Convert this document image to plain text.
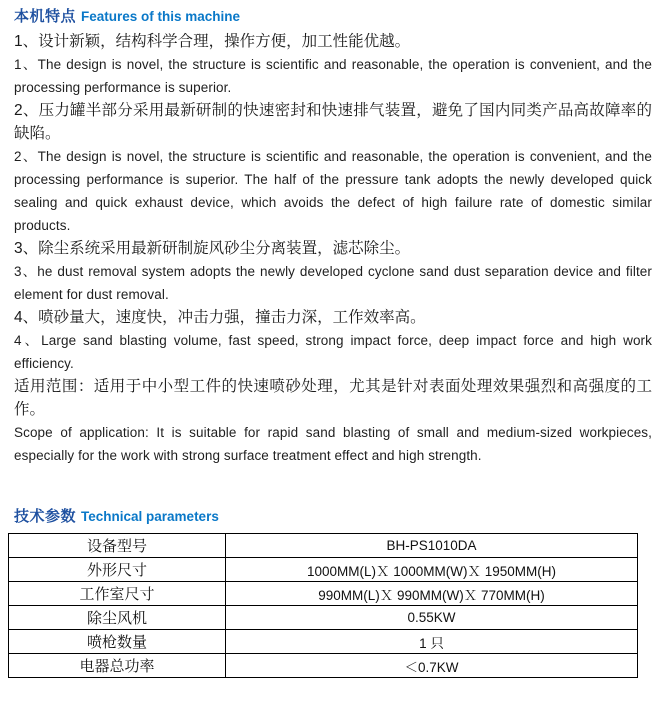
本机特点 Features of this machine

1、设计新颖，结构科学合理，操作方便，加工性能优越。

1、The design is novel, the structure is scientific and reasonable, the operation is convenient, and the processing performance is superior.

2、压力罐半部分采用最新研制的快速密封和快速排气装置，避免了国内同类产品高故障率的缺陷。

2、The design is novel, the structure is scientific and reasonable, the operation is convenient, and the processing performance is superior. The half of the pressure tank adopts the newly developed quick sealing and quick exhaust device, which avoids the defect of high failure rate of domestic similar products.

3、除尘系统采用最新研制旋风砂尘分离装置，滤芯除尘。

3、he dust removal system adopts the newly developed cyclone sand dust separation device and filter element for dust removal.

4、喷砂量大，速度快，冲击力强，撞击力深，工作效率高。

4、Large sand blasting volume, fast speed, strong impact force, deep impact force and high work efficiency.

适用范围：适用于中小型工件的快速喷砂处理，尤其是针对表面处理效果强烈和高强度的工作。

Scope of application: It is suitable for rapid sand blasting of small and medium-sized workpieces, especially for the work with strong surface treatment effect and high strength.

技术参数 Technical parameters
设备型号	BH-PS1010DA
外形尺寸	1000MM(L)Ｘ 1000MM(W)Ｘ 1950MM(H)
工作室尺寸	990MM(L)Ｘ 990MM(W)Ｘ 770MM(H)
除尘风机	0.55KW
喷枪数量	1 只
电器总功率	＜0.7KW
